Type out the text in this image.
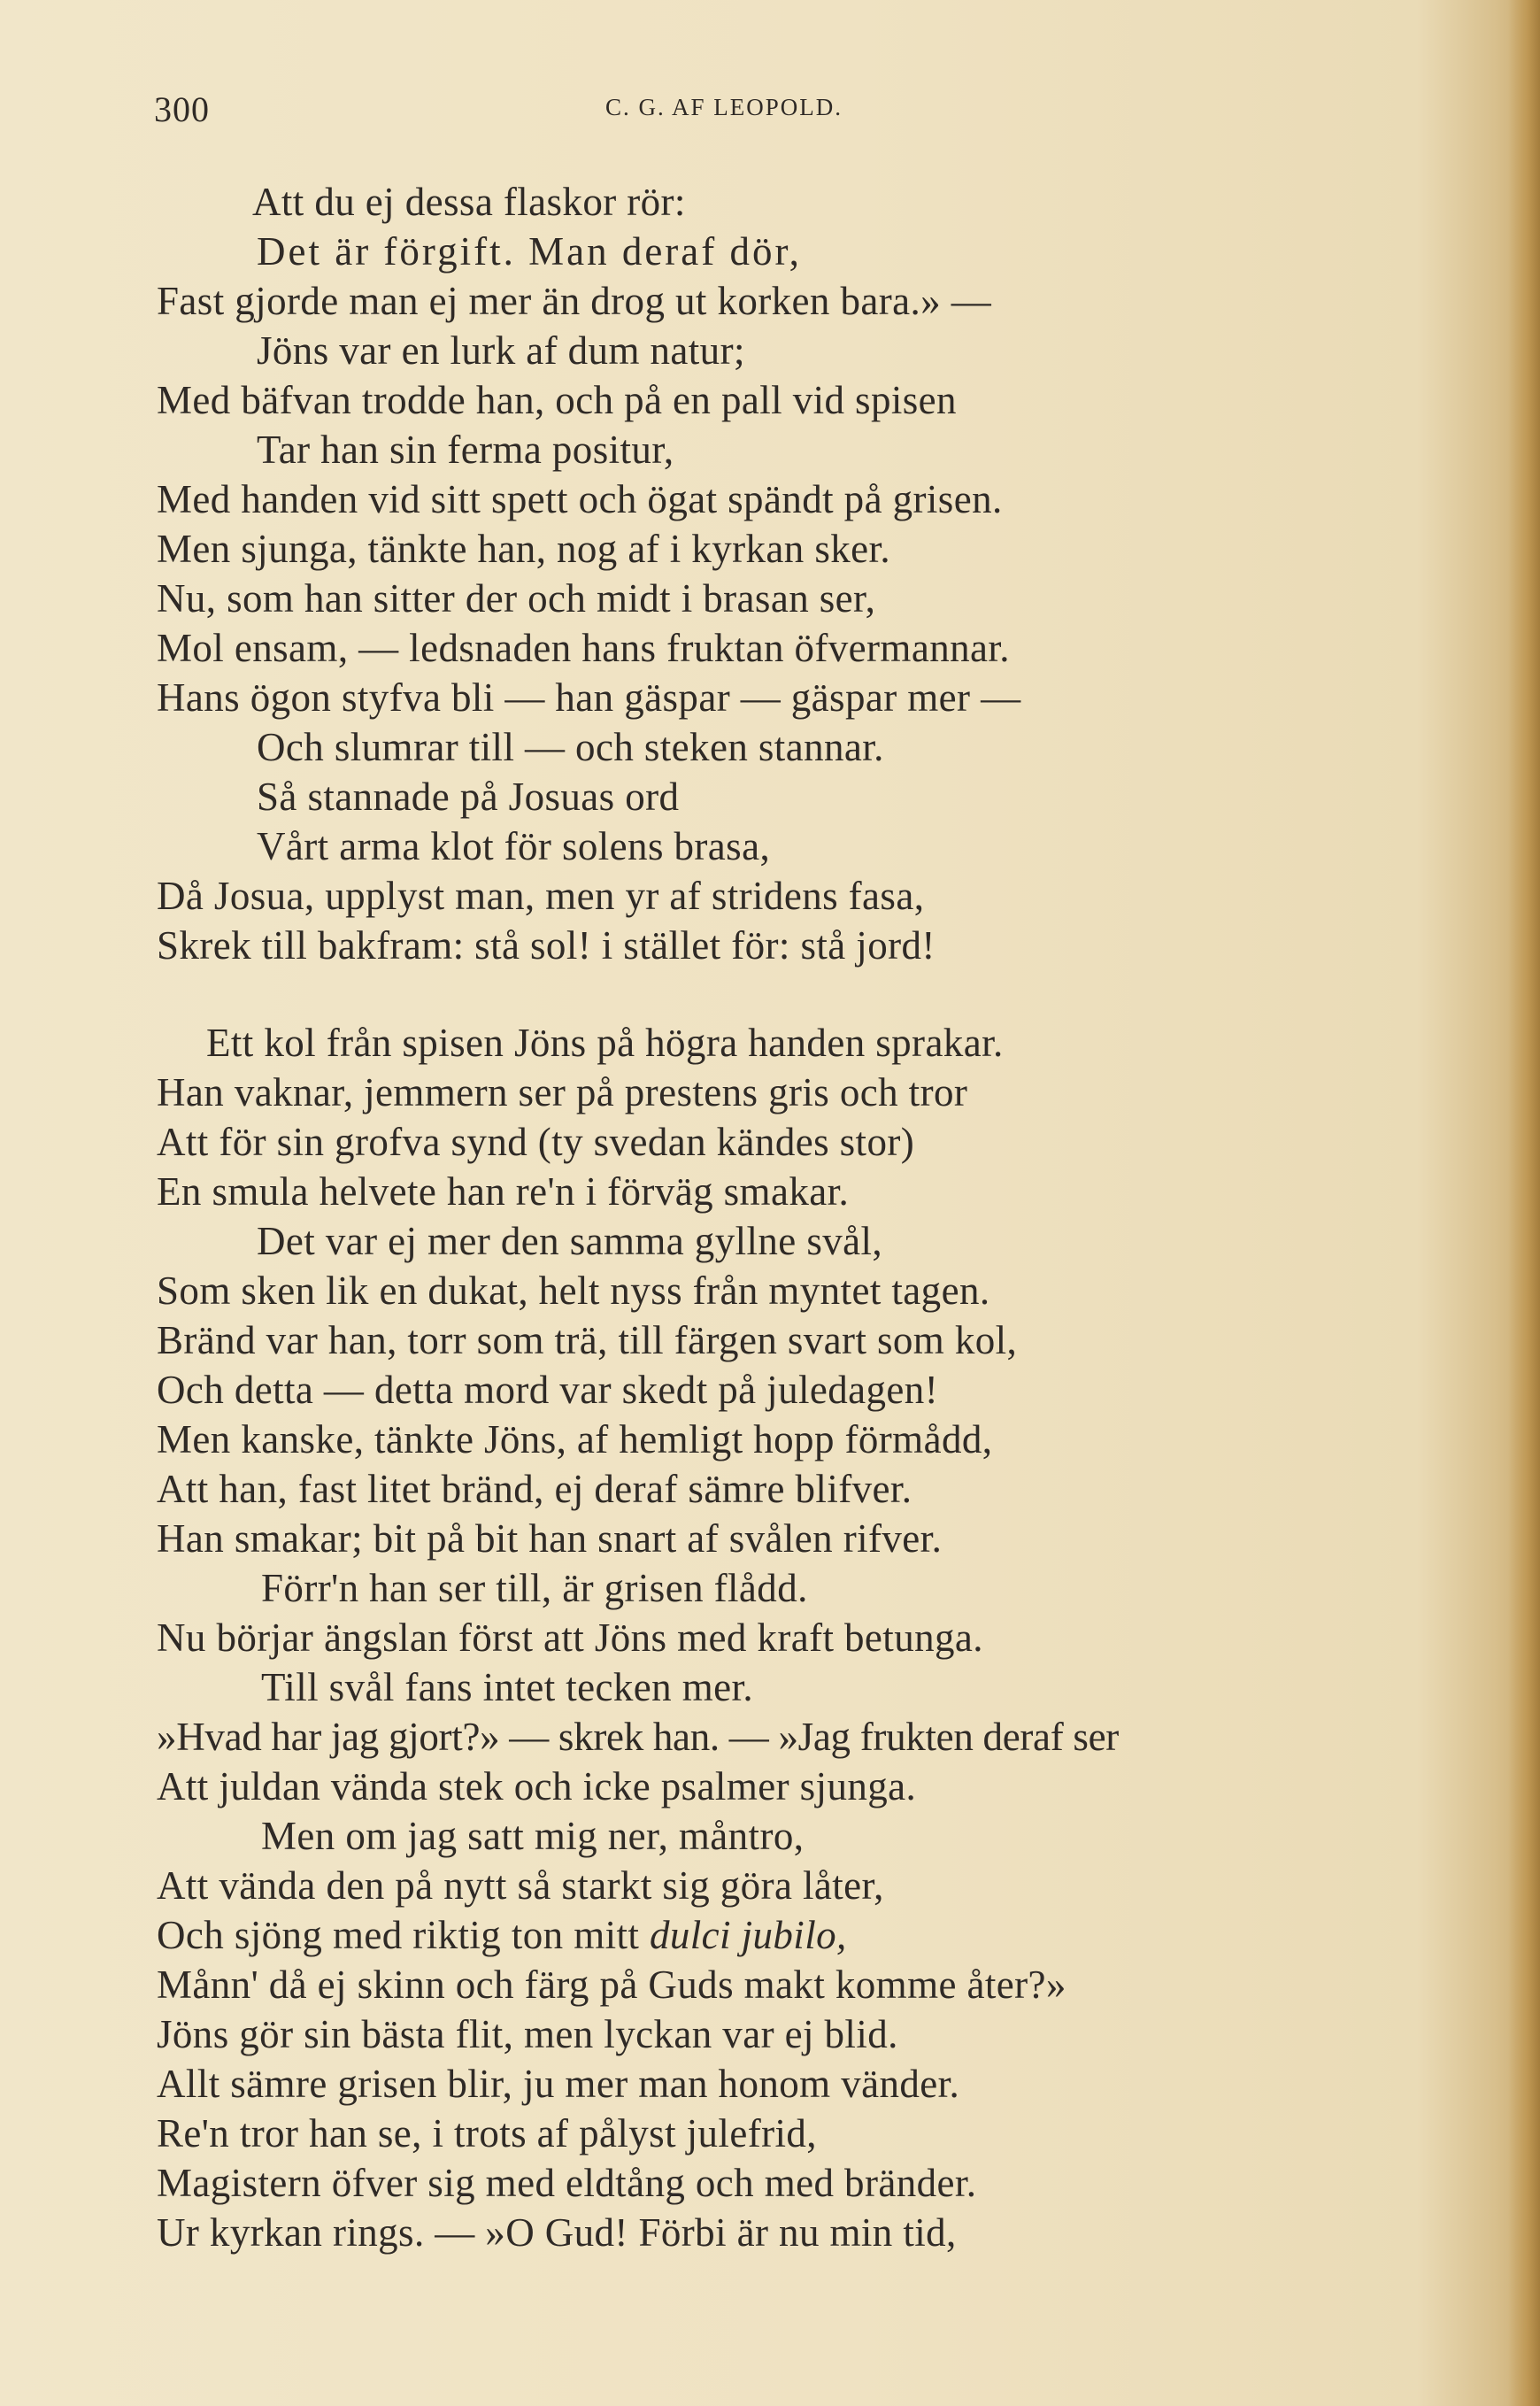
300	C. G. AF LEOPOLD.
Att du ej dessa flaskor rör:
Det är förgift. Man deraf dör,
Fast gjorde man ej mer än drog ut korken bara.» —
Jöns var en lurk af dum natur;
Med bäfvan trodde han, och på en pall vid spisen
Tar han sin ferma positur,
Med handen vid sitt spett och ögat spändt på grisen.
Men sjunga, tänkte han, nog af i kyrkan sker.
Nu, som han sitter der och midt i brasan ser,
Mol ensam, — ledsnaden hans fruktan öfvermannar.
Hans ögon styfva bli — han gäspar — gäspar mer —
Och slumrar till — och steken stannar.
Så stannade på Josuas ord
Vårt arma klot för solens brasa,
Då Josua, upplyst man, men yr af stridens fasa,
Skrek till bakfram: stå sol! i stället för: stå jord!
Ett kol från spisen Jöns på högra handen sprakar.
Han vaknar, jemmern ser på prestens gris och tror
Att för sin grofva synd (ty svedan kändes stor)
En smula helvete han re'n i förväg smakar.
Det var ej mer den samma gyllne svål,
Som sken lik en dukat, helt nyss från myntet tagen.
Bränd var han, torr som trä, till färgen svart som kol,
Och detta — detta mord var skedt på juledagen!
Men kanske, tänkte Jöns, af hemligt hopp förmådd,
Att han, fast litet bränd, ej deraf sämre blifver.
Han smakar; bit på bit han snart af svålen rifver.
Förr'n han ser till, är grisen flådd.
Nu börjar ängslan först att Jöns med kraft betunga.
Till svål fans intet tecken mer.
»Hvad har jag gjort?» — skrek han. — »Jag frukten deraf ser
Att juldan vända stek och icke psalmer sjunga.
Men om jag satt mig ner, måntro,
Att vända den på nytt så starkt sig göra låter,
Och sjöng med riktig ton mitt dulci jubilo,
Månn' då ej skinn och färg på Guds makt komme åter?»
Jöns gör sin bästa flit, men lyckan var ej blid.
Allt sämre grisen blir, ju mer man honom vänder.
Re'n tror han se, i trots af pålyst julefrid,
Magistern öfver sig med eldtång och med bränder.
Ur kyrkan rings. — »O Gud! Förbi är nu min tid,
